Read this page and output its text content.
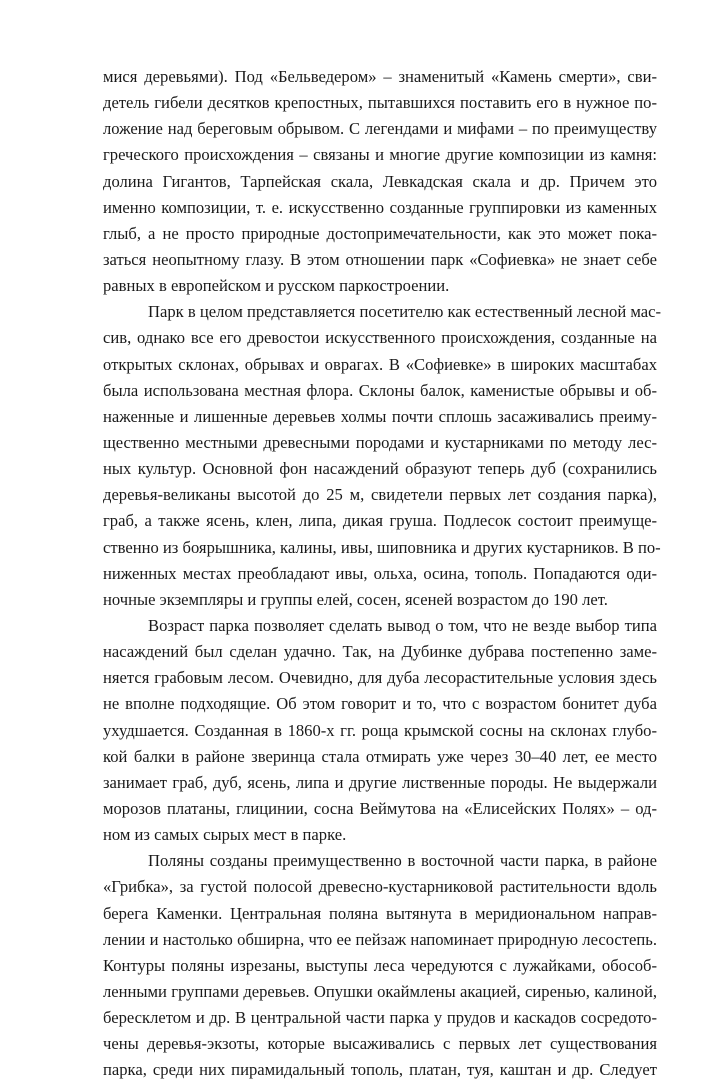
мися деревьями). Под «Бельведером» – знаменитый «Камень смерти», сви-
детель гибели десятков крепостных, пытавшихся поставить его в нужное по-
ложение над береговым обрывом. С легендами и мифами – по преимуществу
греческого происхождения – связаны и многие другие композиции из камня:
долина Гигантов, Тарпейская скала, Левкадская скала и др. Причем это
именно композиции, т. е. искусственно созданные группировки из каменных
глыб, а не просто природные достопримечательности, как это может пока-
заться неопытному глазу. В этом отношении парк «Софиевка» не знает себе
равных в европейском и русском паркостроении.
Парк в целом представляется посетителю как естественный лесной мас-
сив, однако все его древостои искусственного происхождения, созданные на
открытых склонах, обрывах и оврагах. В «Софиевке» в широких масштабах
была использована местная флора. Склоны балок, каменистые обрывы и об-
наженные и лишенные деревьев холмы почти сплошь засаживались преиму-
щественно местными древесными породами и кустарниками по методу лес-
ных культур. Основной фон насаждений образуют теперь дуб (сохранились
деревья-великаны высотой до 25 м, свидетели первых лет создания парка),
граб, а также ясень, клен, липа, дикая груша. Подлесок состоит преимуще-
ственно из боярышника, калины, ивы, шиповника и других кустарников. В по-
ниженных местах преобладают ивы, ольха, осина, тополь. Попадаются оди-
ночные экземпляры и группы елей, сосен, ясеней возрастом до 190 лет.
Возраст парка позволяет сделать вывод о том, что не везде выбор типа
насаждений был сделан удачно. Так, на Дубинке дубрава постепенно заме-
няется грабовым лесом. Очевидно, для дуба лесорастительные условия здесь
не вполне подходящие. Об этом говорит и то, что с возрастом бонитет дуба
ухудшается. Созданная в 1860-х гг. роща крымской сосны на склонах глубо-
кой балки в районе зверинца стала отмирать уже через 30–40 лет, ее место
занимает граб, дуб, ясень, липа и другие лиственные породы. Не выдержали
морозов платаны, глицинии, сосна Веймутова на «Елисейских Полях» – од-
ном из самых сырых мест в парке.
Поляны созданы преимущественно в восточной части парка, в районе
«Грибка», за густой полосой древесно-кустарниковой растительности вдоль
берега Каменки. Центральная поляна вытянута в меридиональном направ-
лении и настолько обширна, что ее пейзаж напоминает природную лесостепь.
Контуры поляны изрезаны, выступы леса чередуются с лужайками, обособ-
ленными группами деревьев. Опушки окаймлены акацией, сиренью, калиной,
бересклетом и др. В центральной части парка у прудов и каскадов сосредото-
чены деревья-экзоты, которые высаживались с первых лет существования
парка, среди них пирамидальный тополь, платан, туя, каштан и др. Следует
